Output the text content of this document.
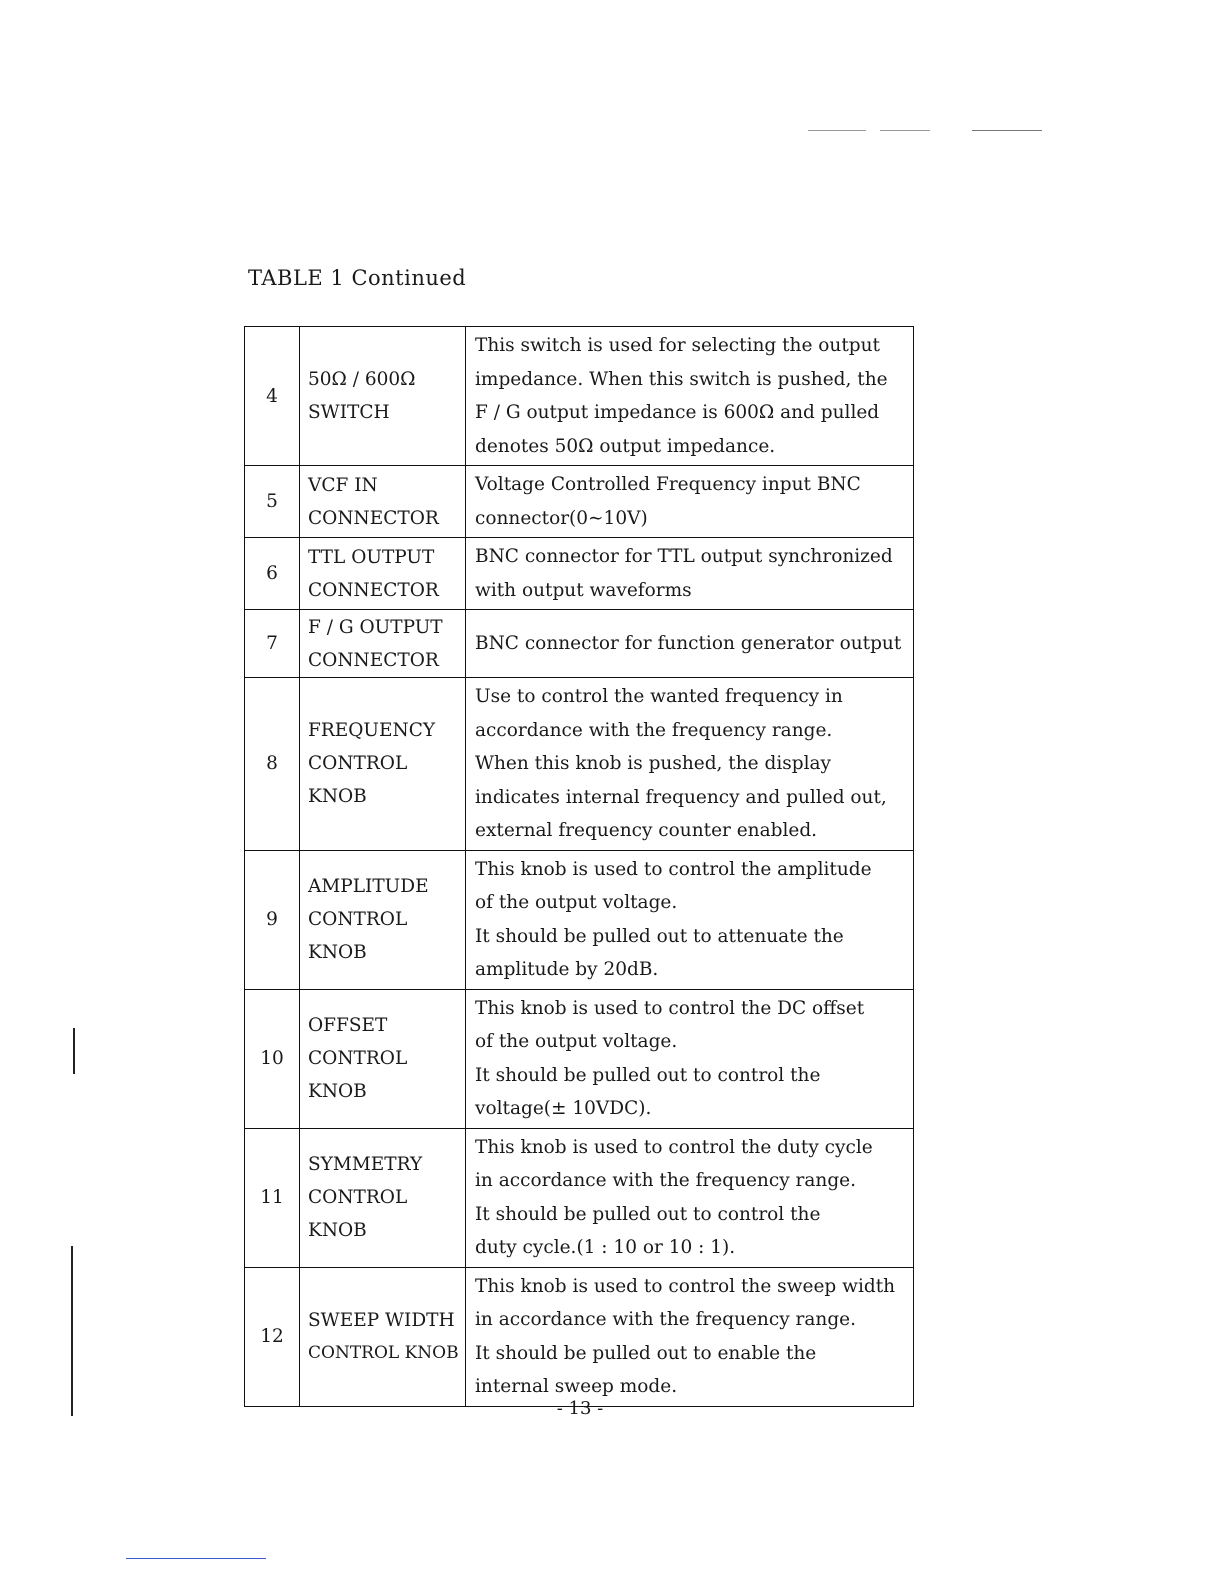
TABLE 1 Continued
4	50Ω / 600Ω
SWITCH	This switch is used for selecting the output
impedance. When this switch is pushed, the
F / G output impedance is 600Ω and pulled
denotes 50Ω output impedance.

5	VCF IN
CONNECTOR	Voltage Controlled Frequency input BNC
connector(0∼10V)

6	TTL OUTPUT
CONNECTOR	BNC connector for TTL output synchronized
with output waveforms

7	F / G OUTPUT
CONNECTOR	BNC connector for function generator output

8	FREQUENCY
CONTROL
KNOB	Use to control the wanted frequency in
accordance with the frequency range.
When this knob is pushed, the display
indicates internal frequency and pulled out,
external frequency counter enabled.

9	AMPLITUDE
CONTROL
KNOB	This knob is used to control the amplitude
of the output voltage.
It should be pulled out to attenuate the
amplitude by 20dB.

10	OFFSET
CONTROL
KNOB	This knob is used to control the DC offset
of the output voltage.
It should be pulled out to control the
voltage(± 10VDC).

11	SYMMETRY
CONTROL
KNOB	This knob is used to control the duty cycle
in accordance with the frequency range.
It should be pulled out to control the
duty cycle.(1 : 10 or 10 : 1).

12	SWEEP WIDTH
CONTROL KNOB	This knob is used to control the sweep width
in accordance with the frequency range.
It should be pulled out to enable the
internal sweep mode.
- 13 -
